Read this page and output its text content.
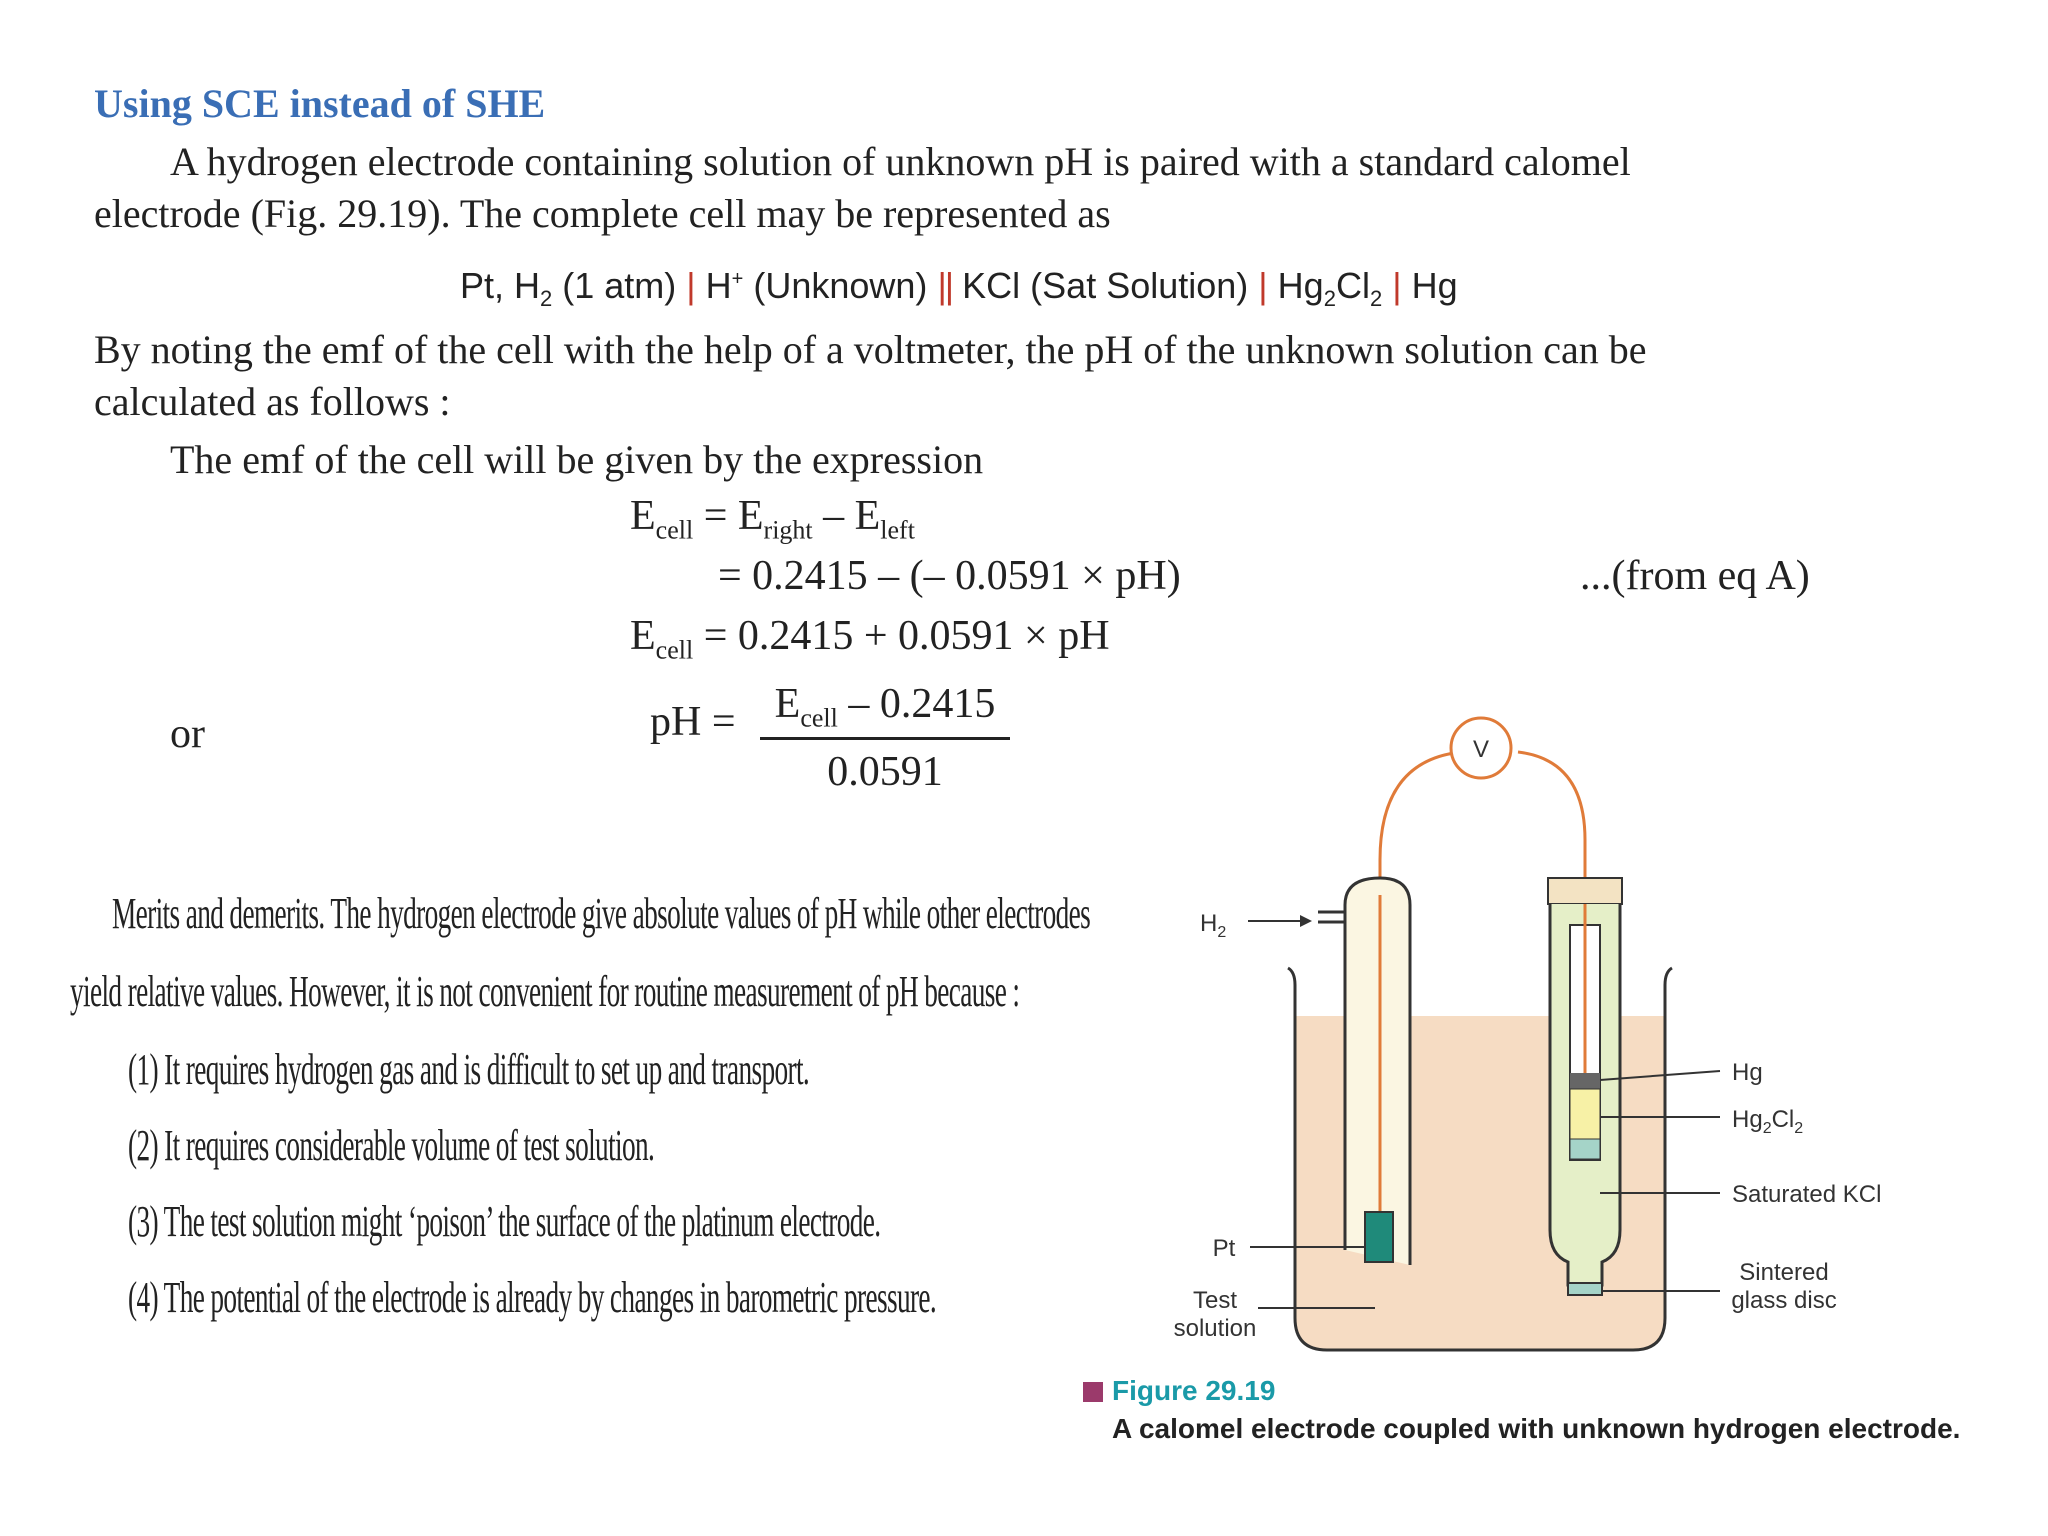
Using SCE instead of SHE
A hydrogen electrode containing solution of unknown pH is paired with a standard calomel
electrode (Fig. 29.19). The complete cell may be represented as
Pt, $H_2$ (1 atm) | H+ (Unknown) || KCl (Sat Solution) | $Hg_2Cl_2$ | Hg
By noting the emf of the cell with the help of a voltmeter, the pH of the unknown solution can be
calculated as follows :
The emf of the cell will be given by the expression
$E_{cell} = E_{right} - E_{left}$
= 0.2415 – (– 0.0591 × pH)	...(from eq A)
$E_{cell} = 0.2415 + 0.0591$ × pH
or	pH = $E_{cell} - 0.2415$
0.0591
Merits and demerits. The hydrogen electrode give absolute values of pH while other electrodes
yield relative values. However, it is not convenient for routine measurement of pH because :
(1) It requires hydrogen gas and is difficult to set up and transport.
(2) It requires considerable volume of test solution.
(3) The test solution might ‘poison’ the surface of the platinum electrode.
(4) The potential of the electrode is already by changes in barometric pressure.
V
$H_2$
Hg
$Hg_2Cl_2$
Saturated KCl
Sintered
glass disc
Pt
Test
solution
Figure 29.19
A calomel electrode coupled with unknown hydrogen electrode.
